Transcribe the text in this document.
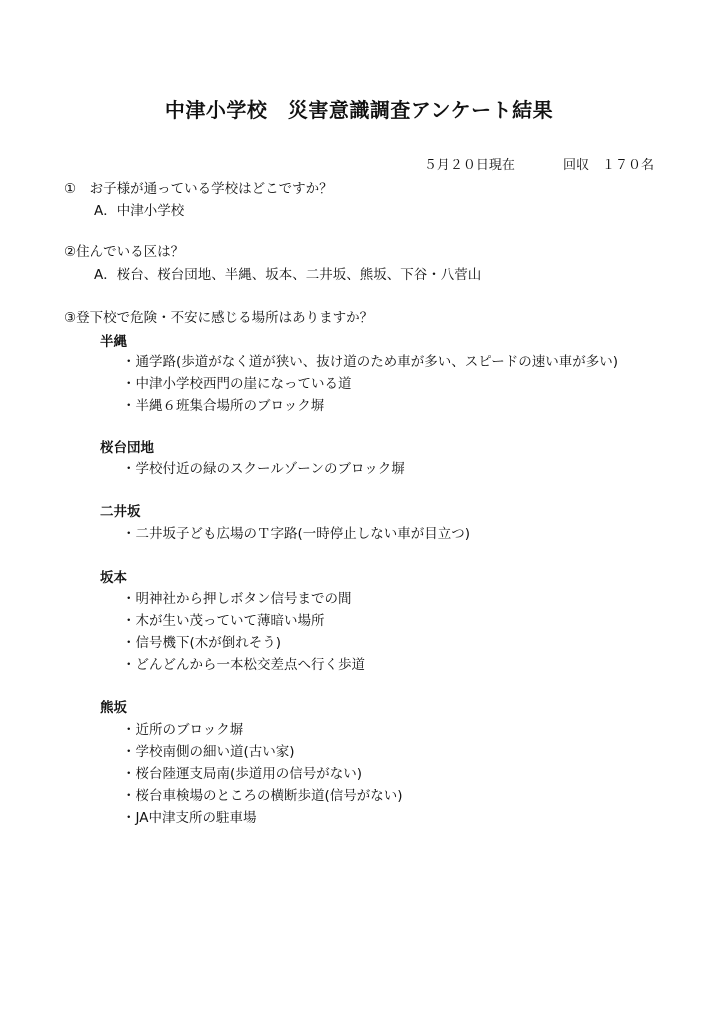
中津小学校　災害意識調査アンケート結果
５月２０日現在	回収　１７０名
①　お子様が通っている学校はどこですか？
A．中津小学校
②住んでいる区は？
A．桜台、桜台団地、半縄、坂本、二井坂、熊坂、下谷・八菅山
③登下校で危険・不安に感じる場所はありますか？
半縄
・通学路(歩道がなく道が狭い、抜け道のため車が多い、スピードの速い車が多い)
・中津小学校西門の崖になっている道
・半縄６班集合場所のブロック塀
桜台団地
・学校付近の緑のスクールゾーンのブロック塀
二井坂
・二井坂子ども広場のＴ字路(一時停止しない車が目立つ)
坂本
・明神社から押しボタン信号までの間
・木が生い茂っていて薄暗い場所
・信号機下(木が倒れそう)
・どんどんから一本松交差点へ行く歩道
熊坂
・近所のブロック塀
・学校南側の細い道(古い家)
・桜台陸運支局南(歩道用の信号がない)
・桜台車検場のところの横断歩道(信号がない)
・JA中津支所の駐車場
